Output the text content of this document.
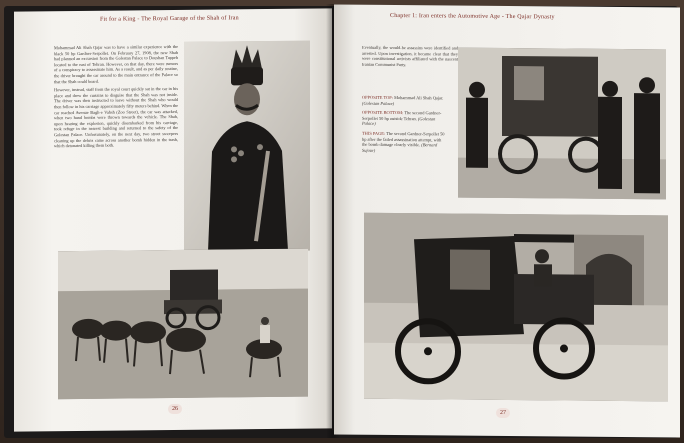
Fit for a King - The Royal Garage of the Shah of Iran

Mohammad Ali Shah Qajar was to have a similar experience with the black 50 hp Gardner-Serpollet. On February 27, 1908, the new Shah had planned an excursion from the Golestan Palace to Doushan Tappeh located to the east of Tehran. However, on that day, there were rumors of a conspiracy to assassinate him. As a result, and as per daily routine, the driver brought the car around to the main entrance of the Palace so that the Shah could board.

However, instead, staff from the royal court quickly sat in the car in his place and drew the curtains to disguise that the Shah was not inside. The driver was then instructed to leave without the Shah who would then follow in his carriage approximately fifty meters behind. When the car reached Avenue Bagh-e Vahsh (Zoo Street), the car was attacked, when two hand bombs were thrown towards the vehicle. The Shah, upon hearing the explosion, quickly disembarked from his carriage, took refuge in the nearest building and returned to the safety of the Golestan Palace. Unfortunately, on the next day, two street sweepers cleaning up the debris came across another bomb hidden in the trash, which detonated killing them both.

26
Chapter 1: Iran enters the Automotive Age - The Qajar Dynasty

Eventually, the would-be assassins were identified and arrested. Upon investigation, it became clear that they were constitutional activists affiliated with the nascent Iranian Communist Party.

OPPOSITE TOP: Mohammad Ali Shah Qajar. (Golestan Palace)
OPPOSITE BOTTOM: The second Gardner-Serpollet 50 hp outside Tehran. (Golestan Palace)
THIS PAGE: The second Gardner-Serpollet 50 hp after the failed assassination attempt, with the bomb damage clearly visible. (Bernard Sujour)
27
